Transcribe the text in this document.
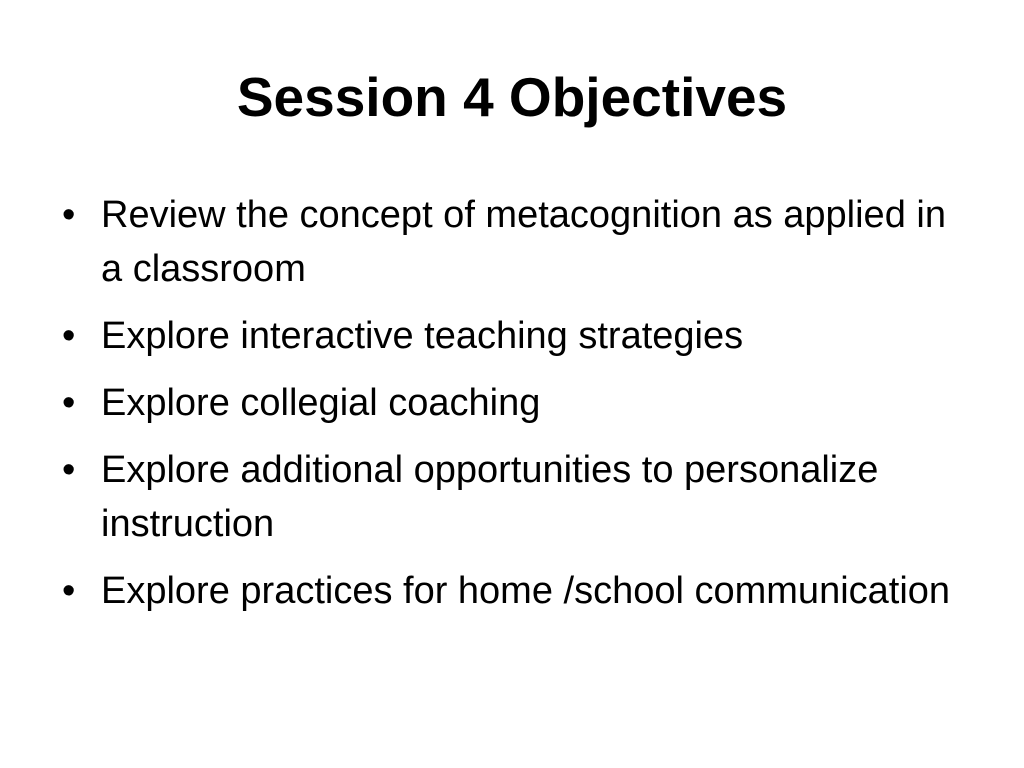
Session 4 Objectives
• Review the concept of metacognition as applied in a classroom
• Explore interactive teaching strategies
• Explore collegial coaching
• Explore additional opportunities to personalize instruction
• Explore practices for home /school communication
